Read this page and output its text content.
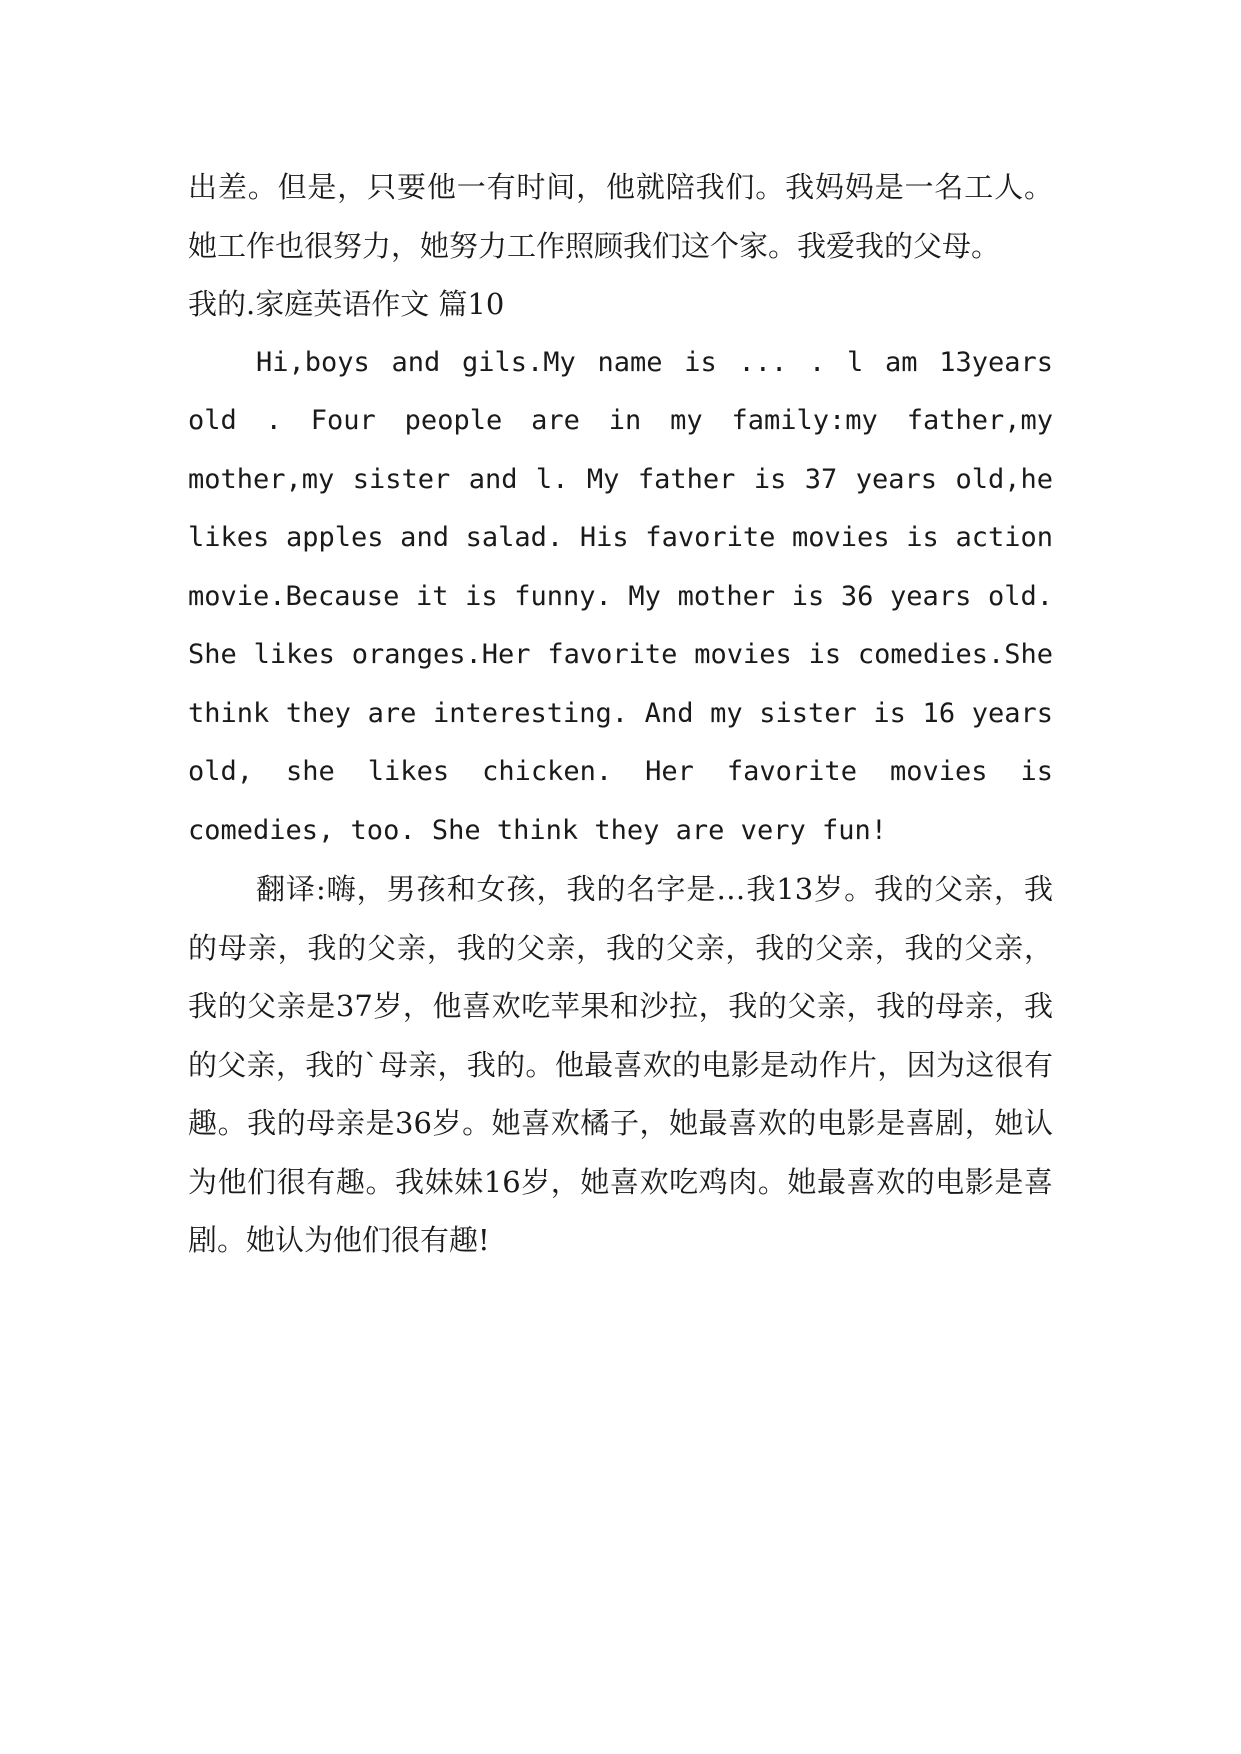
出差。但是，只要他一有时间，他就陪我们。我妈妈是一名工人。她工作也很努力，她努力工作照顾我们这个家。我爱我的父母。

我的.家庭英语作文 篇10

Hi,boys and gils.My name is ... . l am 13years old . Four people are in my family:my father,my mother,my sister and l. My father is 37 years old,he likes apples and salad. His favorite movies is action movie.Because it is funny. My mother is 36 years old. She likes oranges.Her favorite movies is comedies.She think they are interesting. And my sister is 16 years old, she likes chicken. Her favorite movies is comedies, too. She think they are very fun!

翻译:嗨，男孩和女孩，我的名字是…我13岁。我的父亲，我的母亲，我的父亲，我的父亲，我的父亲，我的父亲，我的父亲，我的父亲是37岁，他喜欢吃苹果和沙拉，我的父亲，我的母亲，我的父亲，我的`母亲，我的。他最喜欢的电影是动作片，因为这很有趣。我的母亲是36岁。她喜欢橘子，她最喜欢的电影是喜剧，她认为他们很有趣。我妹妹16岁，她喜欢吃鸡肉。她最喜欢的电影是喜剧。她认为他们很有趣!
